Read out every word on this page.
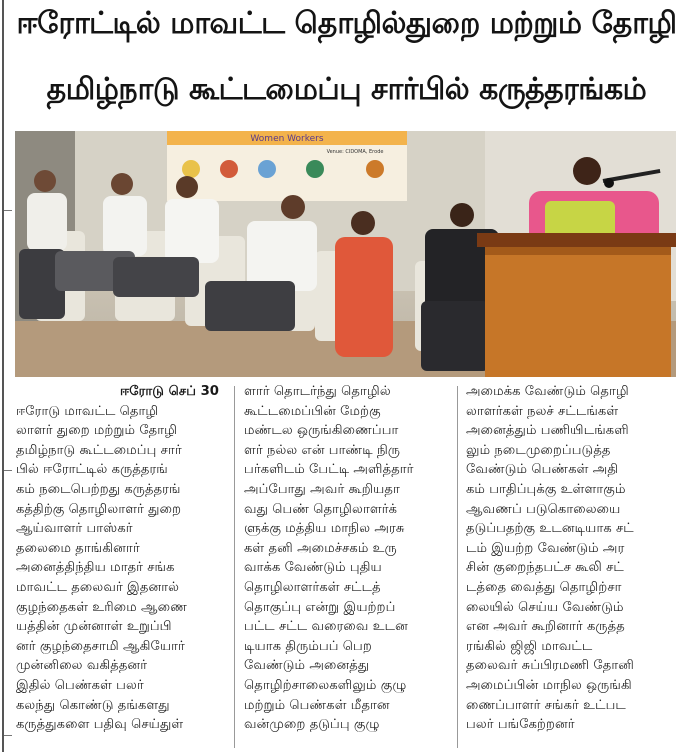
ஈரோட்டில் மாவட்ட தொழில்துறை மற்றும் தோழி
தமிழ்நாடு கூட்டமைப்பு சார்பில் கருத்தரங்கம்
Women Workers
Venue: CIDOMA, Erode

ஈரோடு செப் 30

ஈரோடு மாவட்ட தொழி

லாளர் துறை மற்றும் தோழி

தமிழ்நாடு கூட்டமைப்பு சார்

பில் ஈரோட்டில் கருத்தரங்

கம் நடைபெற்றது கருத்தரங்

கத்திற்கு தொழிலாளர் துறை

ஆய்வாளர் பாஸ்கர்

தலைமை தாங்கினார்

அனைத்திந்திய மாதர் சங்க

மாவட்ட தலைவர் இதனால்

குழந்தைகள் உரிமை ஆணை

யத்தின் முன்னாள் உறுப்பி

னர் குழந்தைசாமி ஆகியோர்

முன்னிலை வகித்தனர்

இதில் பெண்கள் பலர்

கலந்து கொண்டு தங்களது

கருத்துகளை பதிவு செய்துள்

ளார் தொடர்ந்து தொழில்

கூட்டமைப்பின் மேற்கு

மண்டல ஒருங்கிணைப்பா

ளர் நல்ல என் பாண்டி நிரு

பர்களிடம் பேட்டி அளித்தார்

அப்போது அவர் கூறியதா

வது பெண் தொழிலாளர்க்

ளுக்கு மத்திய மாநில அரசு

கள் தனி அமைச்சகம் உரு

வாக்க வேண்டும் புதிய

தொழிலாளர்கள் சட்டத்

தொகுப்பு என்று இயற்றப்

பட்ட சட்ட வரைவை உடன

டியாக திரும்பப் பெற

வேண்டும் அனைத்து

தொழிற்சாலைகளிலும் குழு

மற்றும் பெண்கள் மீதான

வன்முறை தடுப்பு குழு

அமைக்க வேண்டும் தொழி

லாளர்கள் நலச் சட்டங்கள்

அனைத்தும் பணியிடங்களி

லும் நடைமுறைப்படுத்த

வேண்டும் பெண்கள் அதி

கம் பாதிப்புக்கு உள்ளாகும்

ஆவணப் படுகொலையை

தடுப்பதற்கு உடனடியாக சட்

டம் இயற்ற வேண்டும் அர

சின் குறைந்தபட்ச கூலி சட்

டத்தை வைத்து தொழிற்சா

லையில் செய்ய வேண்டும்

என அவர் கூறினார் கருத்த

ரங்கில் ஜிஜி மாவட்ட

தலைவர் சுப்பிரமணி தோனி

அமைப்பின் மாநில ஒருங்கி

ணைப்பாளர் சங்கர் உட்பட

பலர் பங்கேற்றனர்
